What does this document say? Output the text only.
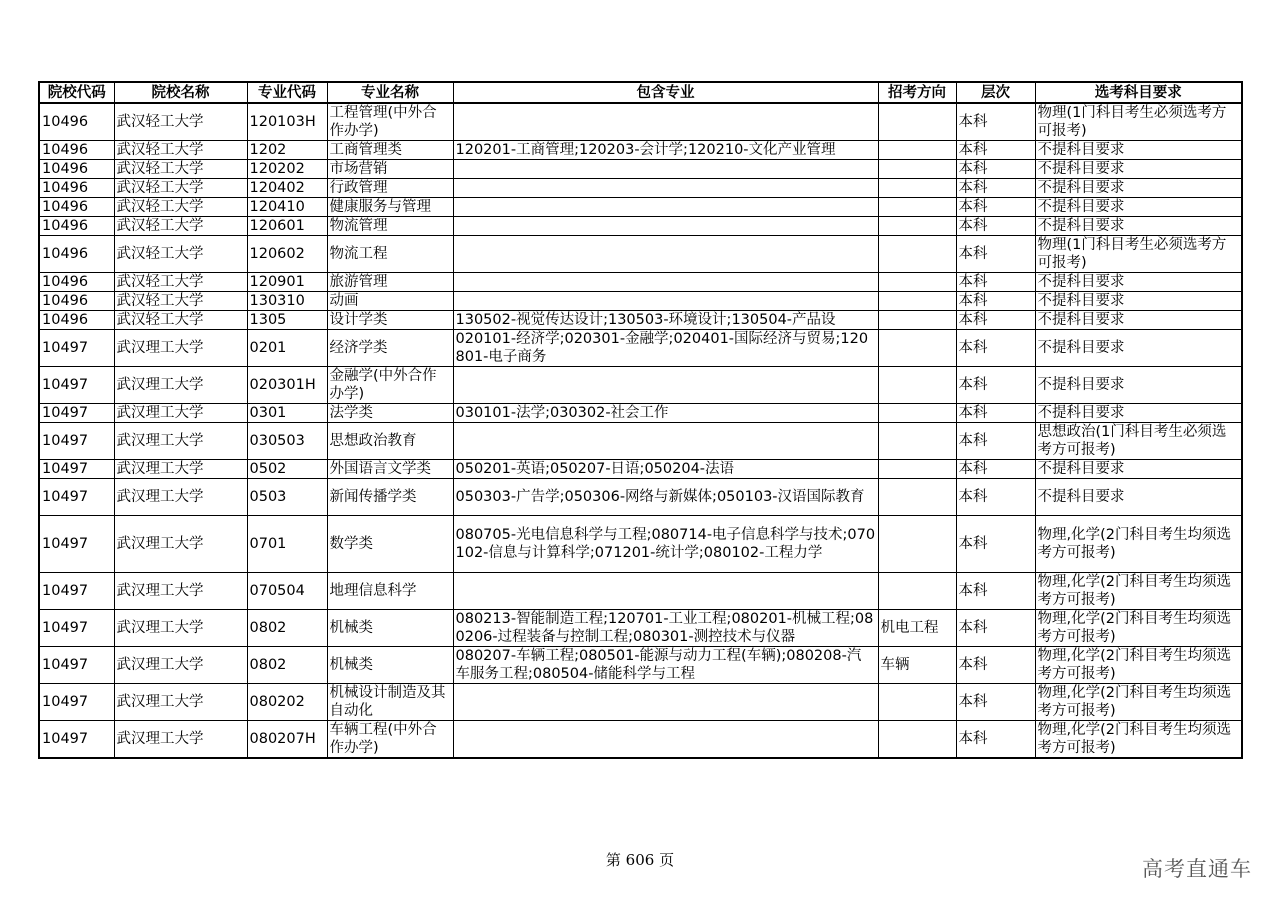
院校代码	院校名称	专业代码	专业名称	包含专业	招考方向	层次	选考科目要求
10496	武汉轻工大学	120103H	工程管理(中外合作办学)			本科	物理(1门科目考生必须选考方可报考)
10496	武汉轻工大学	1202	工商管理类	120201-工商管理;120203-会计学;120210-文化产业管理		本科	不提科目要求
10496	武汉轻工大学	120202	市场营销			本科	不提科目要求
10496	武汉轻工大学	120402	行政管理			本科	不提科目要求
10496	武汉轻工大学	120410	健康服务与管理			本科	不提科目要求
10496	武汉轻工大学	120601	物流管理			本科	不提科目要求
10496	武汉轻工大学	120602	物流工程			本科	物理(1门科目考生必须选考方可报考)
10496	武汉轻工大学	120901	旅游管理			本科	不提科目要求
10496	武汉轻工大学	130310	动画			本科	不提科目要求
10496	武汉轻工大学	1305	设计学类	130502-视觉传达设计;130503-环境设计;130504-产品设		本科	不提科目要求
10497	武汉理工大学	0201	经济学类	020101-经济学;020301-金融学;020401-国际经济与贸易;120801-电子商务		本科	不提科目要求
10497	武汉理工大学	020301H	金融学(中外合作办学)			本科	不提科目要求
10497	武汉理工大学	0301	法学类	030101-法学;030302-社会工作		本科	不提科目要求
10497	武汉理工大学	030503	思想政治教育			本科	思想政治(1门科目考生必须选考方可报考)
10497	武汉理工大学	0502	外国语言文学类	050201-英语;050207-日语;050204-法语		本科	不提科目要求
10497	武汉理工大学	0503	新闻传播学类	050303-广告学;050306-网络与新媒体;050103-汉语国际教育		本科	不提科目要求
10497	武汉理工大学	0701	数学类	080705-光电信息科学与工程;080714-电子信息科学与技术;070102-信息与计算科学;071201-统计学;080102-工程力学		本科	物理,化学(2门科目考生均须选考方可报考)
10497	武汉理工大学	070504	地理信息科学			本科	物理,化学(2门科目考生均须选考方可报考)
10497	武汉理工大学	0802	机械类	080213-智能制造工程;120701-工业工程;080201-机械工程;080206-过程装备与控制工程;080301-测控技术与仪器	机电工程	本科	物理,化学(2门科目考生均须选考方可报考)
10497	武汉理工大学	0802	机械类	080207-车辆工程;080501-能源与动力工程(车辆);080208-汽车服务工程;080504-储能科学与工程	车辆	本科	物理,化学(2门科目考生均须选考方可报考)
10497	武汉理工大学	080202	机械设计制造及其自动化			本科	物理,化学(2门科目考生均须选考方可报考)
10497	武汉理工大学	080207H	车辆工程(中外合作办学)			本科	物理,化学(2门科目考生均须选考方可报考)
第 606 页	高考直通车
